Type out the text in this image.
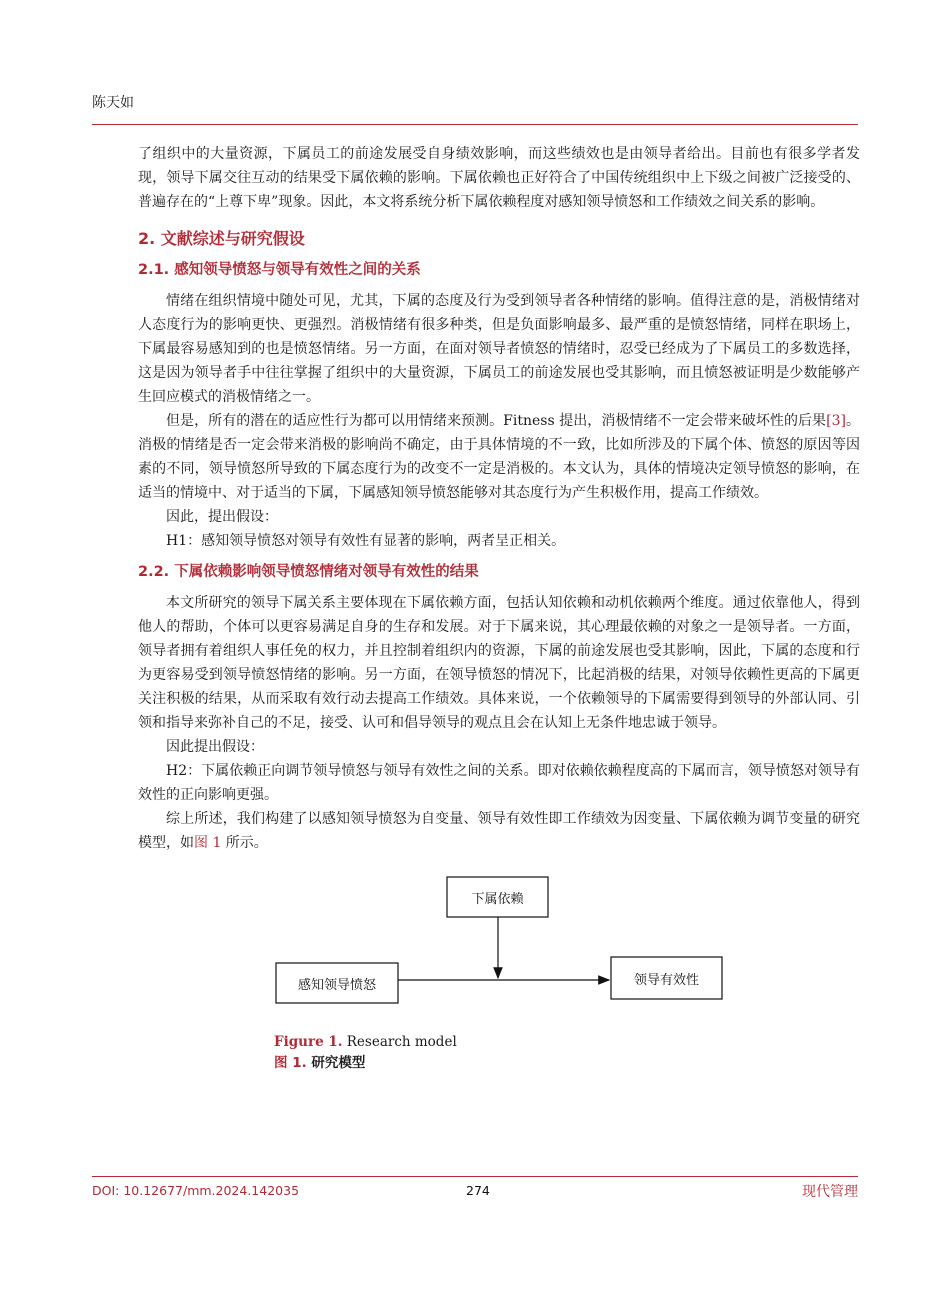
陈天如

了组织中的大量资源，下属员工的前途发展受自身绩效影响，而这些绩效也是由领导者给出。目前也有很多学者发现，领导下属交往互动的结果受下属依赖的影响。下属依赖也正好符合了中国传统组织中上下级之间被广泛接受的、普遍存在的“上尊下卑”现象。因此，本文将系统分析下属依赖程度对感知领导愤怒和工作绩效之间关系的影响。

2. 文献综述与研究假设
2.1. 感知领导愤怒与领导有效性之间的关系

情绪在组织情境中随处可见，尤其，下属的态度及行为受到领导者各种情绪的影响。值得注意的是，消极情绪对人态度行为的影响更快、更强烈。消极情绪有很多种类，但是负面影响最多、最严重的是愤怒情绪，同样在职场上，下属最容易感知到的也是愤怒情绪。另一方面，在面对领导者愤怒的情绪时，忍受已经成为了下属员工的多数选择，这是因为领导者手中往往掌握了组织中的大量资源，下属员工的前途发展也受其影响，而且愤怒被证明是少数能够产生回应模式的消极情绪之一。

但是，所有的潜在的适应性行为都可以用情绪来预测。Fitness 提出，消极情绪不一定会带来破坏性的后果[3]。消极的情绪是否一定会带来消极的影响尚不确定，由于具体情境的不一致，比如所涉及的下属个体、愤怒的原因等因素的不同，领导愤怒所导致的下属态度行为的改变不一定是消极的。本文认为，具体的情境决定领导愤怒的影响，在适当的情境中、对于适当的下属，下属感知领导愤怒能够对其态度行为产生积极作用，提高工作绩效。

因此，提出假设：

H1：感知领导愤怒对领导有效性有显著的影响，两者呈正相关。

2.2. 下属依赖影响领导愤怒情绪对领导有效性的结果

本文所研究的领导下属关系主要体现在下属依赖方面，包括认知依赖和动机依赖两个维度。通过依靠他人，得到他人的帮助，个体可以更容易满足自身的生存和发展。对于下属来说，其心理最依赖的对象之一是领导者。一方面，领导者拥有着组织人事任免的权力，并且控制着组织内的资源，下属的前途发展也受其影响，因此，下属的态度和行为更容易受到领导愤怒情绪的影响。另一方面，在领导愤怒的情况下，比起消极的结果，对领导依赖性更高的下属更关注积极的结果，从而采取有效行动去提高工作绩效。具体来说，一个依赖领导的下属需要得到领导的外部认同、引领和指导来弥补自己的不足，接受、认可和倡导领导的观点且会在认知上无条件地忠诚于领导。

因此提出假设：

H2：下属依赖正向调节领导愤怒与领导有效性之间的关系。即对依赖依赖程度高的下属而言，领导愤怒对领导有效性的正向影响更强。

综上所述，我们构建了以感知领导愤怒为自变量、领导有效性即工作绩效为因变量、下属依赖为调节变量的研究模型，如图 1 所示。

下属依赖
感知领导愤怒	领导有效性
Figure 1. Research model
图 1. 研究模型
DOI: 10.12677/mm.2024.142035	274	现代管理
